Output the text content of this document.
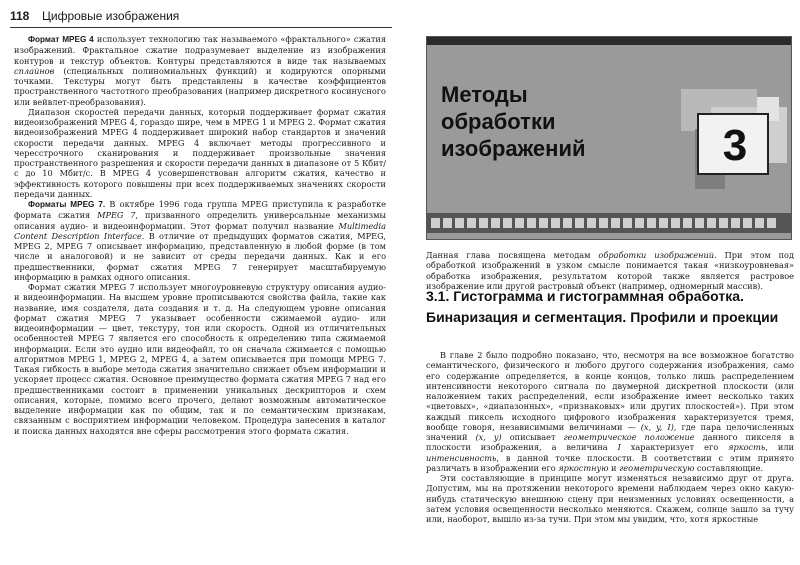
118 Цифровые изображения

Формат MPEG 4 использует технологию так называемого «фрактального» сжатия изображений. Фрактальное сжатие подразумевает выделение из изображения контуров и текстур объектов. Контуры представляются в виде так называемых сплайнов (специальных полиномиальных функций) и кодируются опорными точками. Текстуры могут быть представлены в качестве коэффициентов пространственного частотного преобразования (например дискретного косинусного или вейвлет-преобразования).

Диапазон скоростей передачи данных, который поддерживает формат сжатия видеоизображений MPEG 4, гораздо шире, чем в MPEG 1 и MPEG 2. Формат сжатия видеоизображений MPEG 4 поддерживает широкий набор стандартов и значений скорости передачи данных. MPEG 4 включает методы прогрессивного и чересстрочного сканирования и поддерживает произвольные значения пространственного разрешения и скорости передачи данных в диапазоне от 5 Кбит/с до 10 Мбит/с. В MPEG 4 усовершенствован алгоритм сжатия, качество и эффективность которого повышены при всех поддерживаемых значениях скорости передачи данных.

Форматы MPEG 7. В октябре 1996 года группа MPEG приступила к разработке формата сжатия MPEG 7, призванного определить универсальные механизмы описания аудио- и видеоинформации. Этот формат получил название Multimedia Content Description Interface. В отличие от предыдущих форматов сжатия, MPEG, MPEG 2, MPEG 7 описывает информацию, представленную в любой форме (в том числе и аналоговой) и не зависит от среды передачи данных. Как и его предшественники, формат сжатия MPEG 7 генерирует масштабируемую информацию в рамках одного описания.

Формат сжатия MPEG 7 использует многоуровневую структуру описания аудио- и видеоинформации. На высшем уровне прописываются свойства файла, такие как название, имя создателя, дата создания и т. д. На следующем уровне описания формат сжатия MPEG 7 указывает особенности сжимаемой аудио- или видеоинформации — цвет, текстуру, тон или скорость. Одной из отличительных особенностей MPEG 7 является его способность к определению типа сжимаемой информации. Если это аудио или видеофайл, то он сначала сжимается с помощью алгоритмов MPEG 1, MPEG 2, MPEG 4, а затем описывается при помощи MPEG 7. Такая гибкость в выборе метода сжатия значительно снижает объем информации и ускоряет процесс сжатия. Основное преимущество формата сжатия MPEG 7 над его предшественниками состоит в применении уникальных дескрипторов и схем описания, которые, помимо всего прочего, делают возможным автоматическое выделение информации как по общим, так и по семантическим признакам, связанным с восприятием информации человеком. Процедура занесения в каталог и поиска данных находятся вне сферы рассмотрения этого формата сжатия.

Методы
обработки
изображений	3
Данная глава посвящена методам обработки изображений. При этом под обработкой изображений в узком смысле понимается такая «низкоуровневая» обработка изображения, результатом которой также является растровое изображение или другой растровый объект (например, одномерный массив).
3.1. Гистограмма и гистограммная обработка. Бинаризация и сегментация. Профили и проекции

В главе 2 было подробно показано, что, несмотря на все возможное богатство семантического, физического и любого другого содержания изображения, само его содержание определяется, в конце концов, только лишь распределением интенсивности некоторого сигнала по двумерной дискретной плоскости (или наложением таких распределений, если изображение имеет несколько таких «цветовых», «диапазонных», «признаковых» или других плоскостей»). При этом каждый пиксель исходного цифрового изображения характеризуется тремя, вообще говоря, независимыми величинами — (x, y, I), где пара целочисленных значений (x, y) описывает геометрическое положение данного пикселя в плоскости изображения, а величина I характеризует его яркость, или интенсивность, в данной точке плоскости. В соответствии с этим принято различать в изображении его яркостную и геометрическую составляющие.

Эти составляющие в принципе могут изменяться независимо друг от друга. Допустим, мы на протяжении некоторого времени наблюдаем через окно какую-нибудь статическую внешнюю сцену при неизменных условиях освещенности, а затем условия освещенности несколько меняются. Скажем, солнце зашло за тучу или, наоборот, вышло из-за тучи. При этом мы увидим, что, хотя яркостные
